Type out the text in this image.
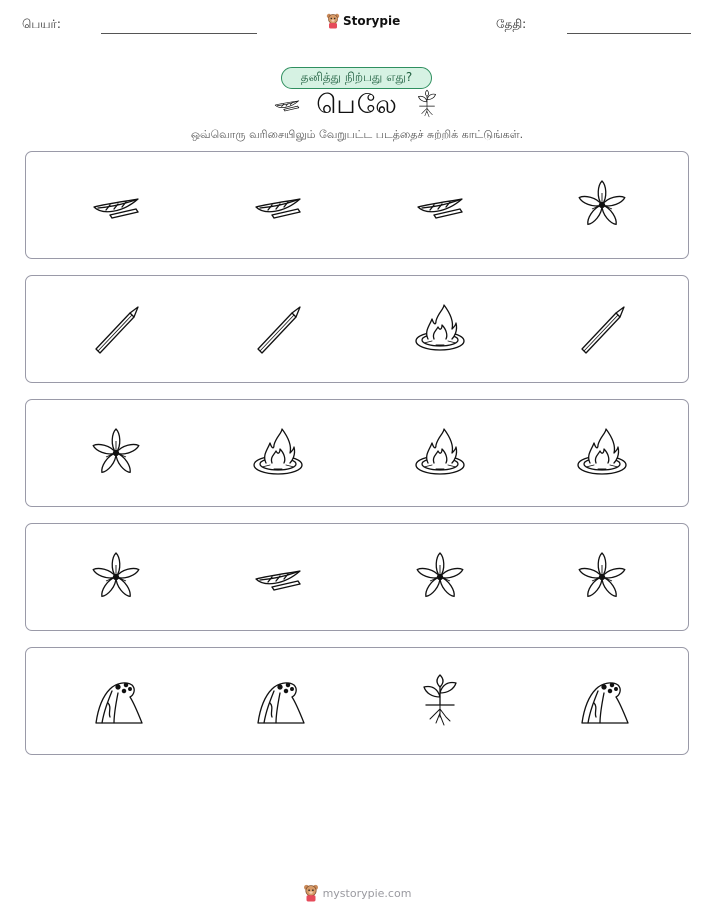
பெயர்:	Storypie	தேதி:
தனித்து நிற்பது எது?
பெலே
ஒவ்வொரு வரிசையிலும் வேறுபட்ட படத்தைச் சுற்றிக் காட்டுங்கள்.
mystorypie.com
